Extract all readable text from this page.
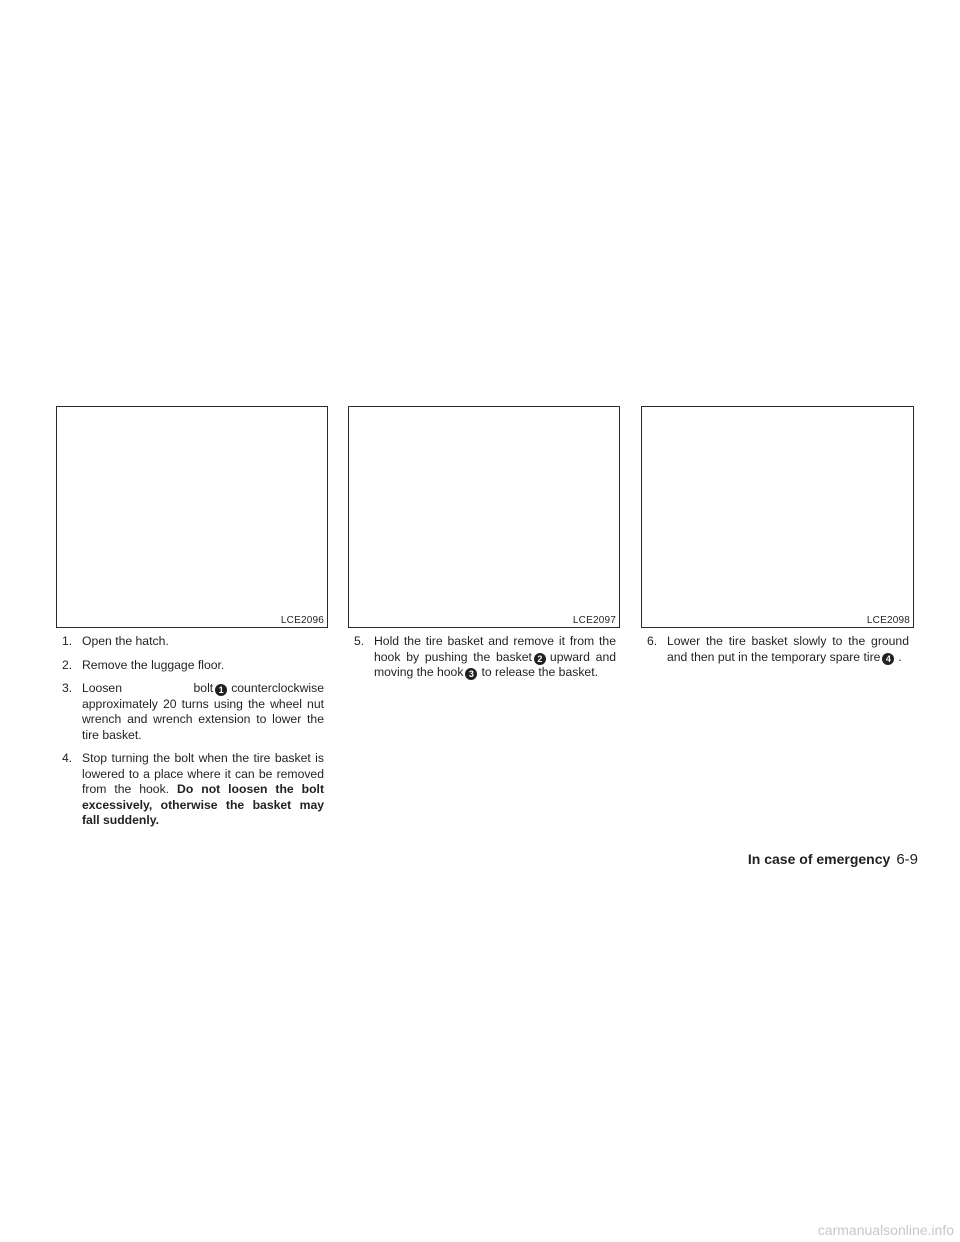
LCE2096	LCE2097	LCE2098

1. Open the hatch.

2. Remove the luggage floor.

3. Loosen bolt 1 counterclockwise approximately 20 turns using the wheel nut wrench and wrench extension to lower the tire basket.

4. Stop turning the bolt when the tire basket is lowered to a place where it can be removed from the hook. Do not loosen the bolt excessively, otherwise the basket may fall suddenly.

5. Hold the tire basket and remove it from the hook by pushing the basket 2 upward and moving the hook 3 to release the basket.

6. Lower the tire basket slowly to the ground and then put in the temporary spare tire 4 .

In case of emergency 6-9
carmanualsonline.info
